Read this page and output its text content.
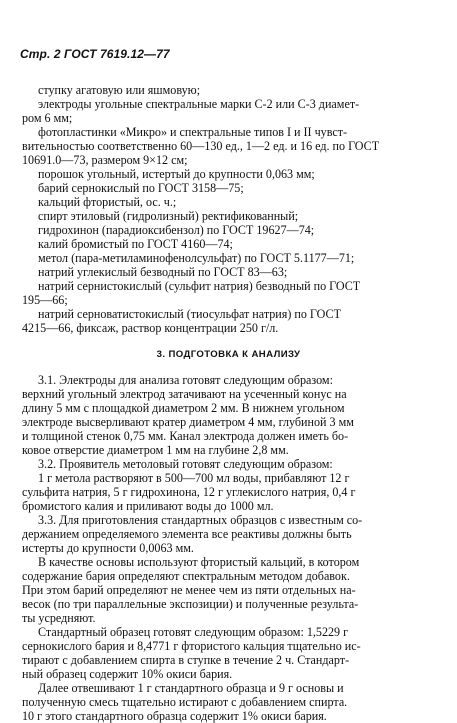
Стр. 2 ГОСТ 7619.12—77
ступку агатовую или яшмовую;
электроды угольные спектральные марки С-2 или С-3 диамет-
ром 6 мм;
фотопластинки «Микро» и спектральные типов I и II чувст-
вительностью соответственно 60—130 ед., 1—2 ед. и 16 ед. по ГОСТ
10691.0—73, размером 9×12 см;
порошок угольный, истертый до крупности 0,063 мм;
барий сернокислый по ГОСТ 3158—75;
кальций фтористый, ос. ч.;
спирт этиловый (гидролизный) ректификованный;
гидрохинон (парадиоксибензол) по ГОСТ 19627—74;
калий бромистый по ГОСТ 4160—74;
метол (пара-метиламинофенолсульфат) по ГОСТ 5.1177—71;
натрий углекислый безводный по ГОСТ 83—63;
натрий сернистокислый (сульфит натрия) безводный по ГОСТ
195—66;
натрий серноватистокислый (тиосульфат натрия) по ГОСТ
4215—66, фиксаж, раствор концентрации 250 г/л.
3. ПОДГОТОВКА К АНАЛИЗУ
3.1. Электроды для анализа готовят следующим образом:
верхний угольный электрод затачивают на усеченный конус на
длину 5 мм с площадкой диаметром 2 мм. В нижнем угольном
электроде высверливают кратер диаметром 4 мм, глубиной 3 мм
и толщиной стенок 0,75 мм. Канал электрода должен иметь бо-
ковое отверстие диаметром 1 мм на глубине 2,8 мм.
3.2. Проявитель метоловый готовят следующим образом:
1 г метола растворяют в 500—700 мл воды, прибавляют 12 г
сульфита натрия, 5 г гидрохинона, 12 г углекислого натрия, 0,4 г
бромистого калия и приливают воды до 1000 мл.
3.3. Для приготовления стандартных образцов с известным со-
держанием определяемого элемента все реактивы должны быть
истерты до крупности 0,0063 мм.
В качестве основы используют фтористый кальций, в котором
содержание бария определяют спектральным методом добавок.
При этом барий определяют не менее чем из пяти отдельных на-
весок (по три параллельные экспозиции) и полученные результа-
ты усредняют.
Стандартный образец готовят следующим образом: 1,5229 г
сернокислого бария и 8,4771 г фтористого кальция тщательно ис-
тирают с добавлением спирта в ступке в течение 2 ч. Стандарт-
ный образец содержит 10% окиси бария.
Далее отвешивают 1 г стандартного образца и 9 г основы и
полученную смесь тщательно истирают с добавлением спирта.
10 г этого стандартного образца содержит 1% окиси бария.
